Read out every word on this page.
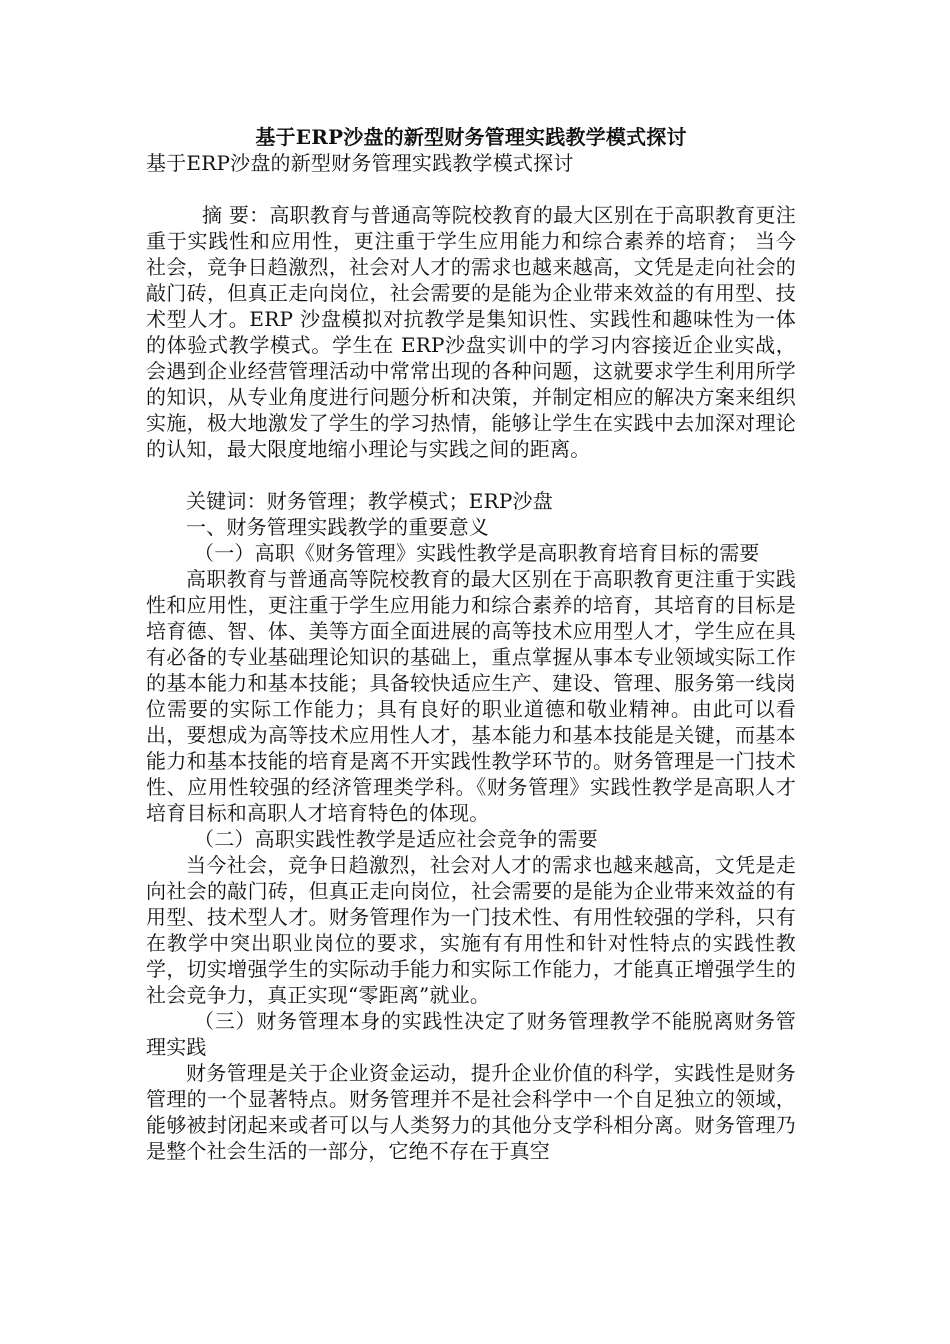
基于ERP沙盘的新型财务管理实践教学模式探讨

基于ERP沙盘的新型财务管理实践教学模式探讨

摘 要：高职教育与普通高等院校教育的最大区别在于高职教育更注重于实践性和应用性，更注重于学生应用能力和综合素养的培育； 当今社会，竞争日趋激烈，社会对人才的需求也越来越高，文凭是走向社会的敲门砖，但真正走向岗位，社会需要的是能为企业带来效益的有用型、技术型人才。ERP 沙盘模拟对抗教学是集知识性、实践性和趣味性为一体的体验式教学模式。学生在 ERP沙盘实训中的学习内容接近企业实战，会遇到企业经营管理活动中常常出现的各种问题，这就要求学生利用所学的知识，从专业角度进行问题分析和决策，并制定相应的解决方案来组织实施，极大地激发了学生的学习热情，能够让学生在实践中去加深对理论的认知，最大限度地缩小理论与实践之间的距离。

关键词：财务管理；教学模式；ERP沙盘

一、财务管理实践教学的重要意义

（一）高职《财务管理》实践性教学是高职教育培育目标的需要

高职教育与普通高等院校教育的最大区别在于高职教育更注重于实践性和应用性，更注重于学生应用能力和综合素养的培育，其培育的目标是培育德、智、体、美等方面全面进展的高等技术应用型人才，学生应在具有必备的专业基础理论知识的基础上，重点掌握从事本专业领域实际工作的基本能力和基本技能；具备较快适应生产、建设、管理、服务第一线岗位需要的实际工作能力；具有良好的职业道德和敬业精神。由此可以看出，要想成为高等技术应用性人才，基本能力和基本技能是关键，而基本能力和基本技能的培育是离不开实践性教学环节的。财务管理是一门技术性、应用性较强的经济管理类学科。《财务管理》实践性教学是高职人才培育目标和高职人才培育特色的体现。

（二）高职实践性教学是适应社会竞争的需要

当今社会，竞争日趋激烈，社会对人才的需求也越来越高，文凭是走向社会的敲门砖，但真正走向岗位，社会需要的是能为企业带来效益的有用型、技术型人才。财务管理作为一门技术性、有用性较强的学科，只有在教学中突出职业岗位的要求，实施有有用性和针对性特点的实践性教学，切实增强学生的实际动手能力和实际工作能力，才能真正增强学生的社会竞争力，真正实现“零距离”就业。

（三）财务管理本身的实践性决定了财务管理教学不能脱离财务管理实践

财务管理是关于企业资金运动，提升企业价值的科学，实践性是财务管理的一个显著特点。财务管理并不是社会科学中一个自足独立的领域，能够被封闭起来或者可以与人类努力的其他分支学科相分离。财务管理乃是整个社会生活的一部分，它绝不存在于真空
